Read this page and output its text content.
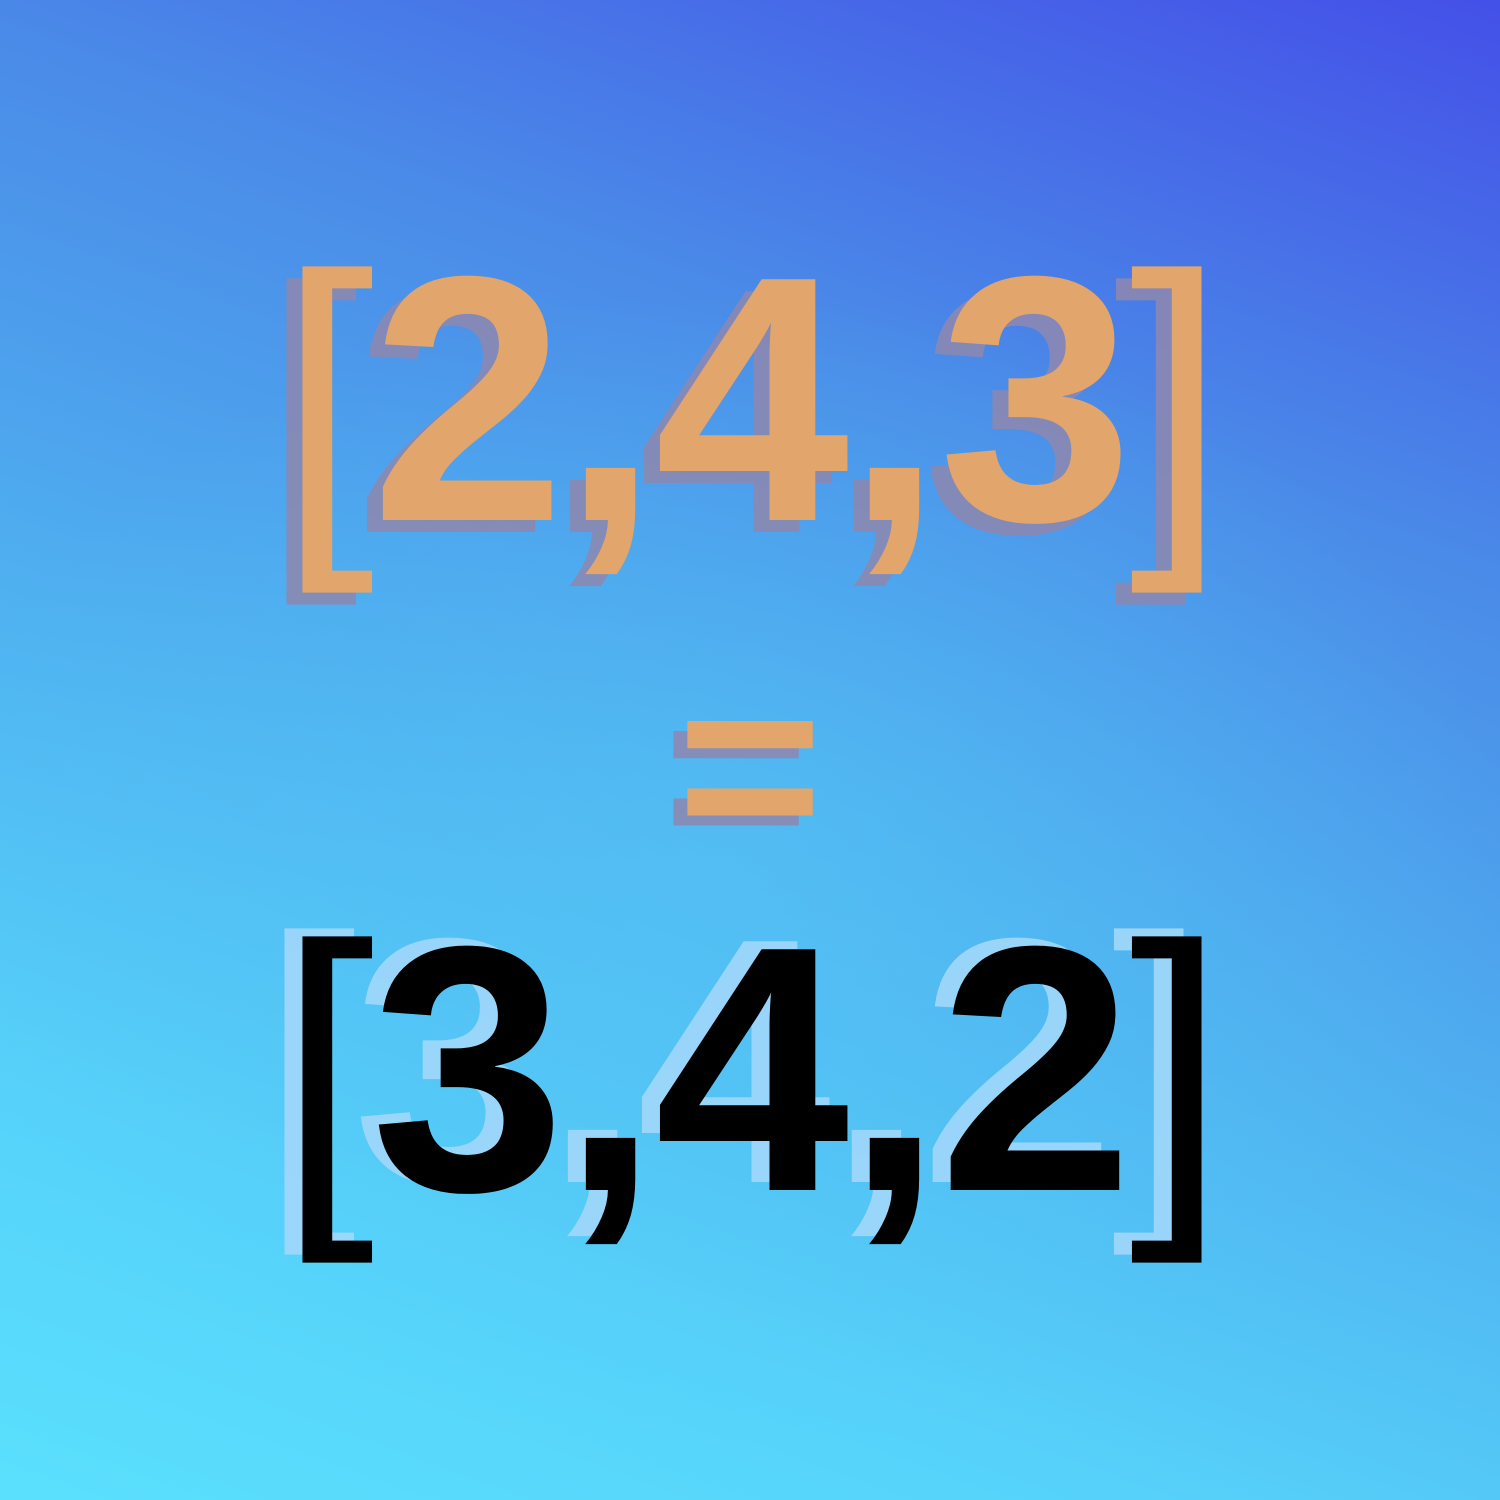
[2,4,3]
=
[3,4,2]
